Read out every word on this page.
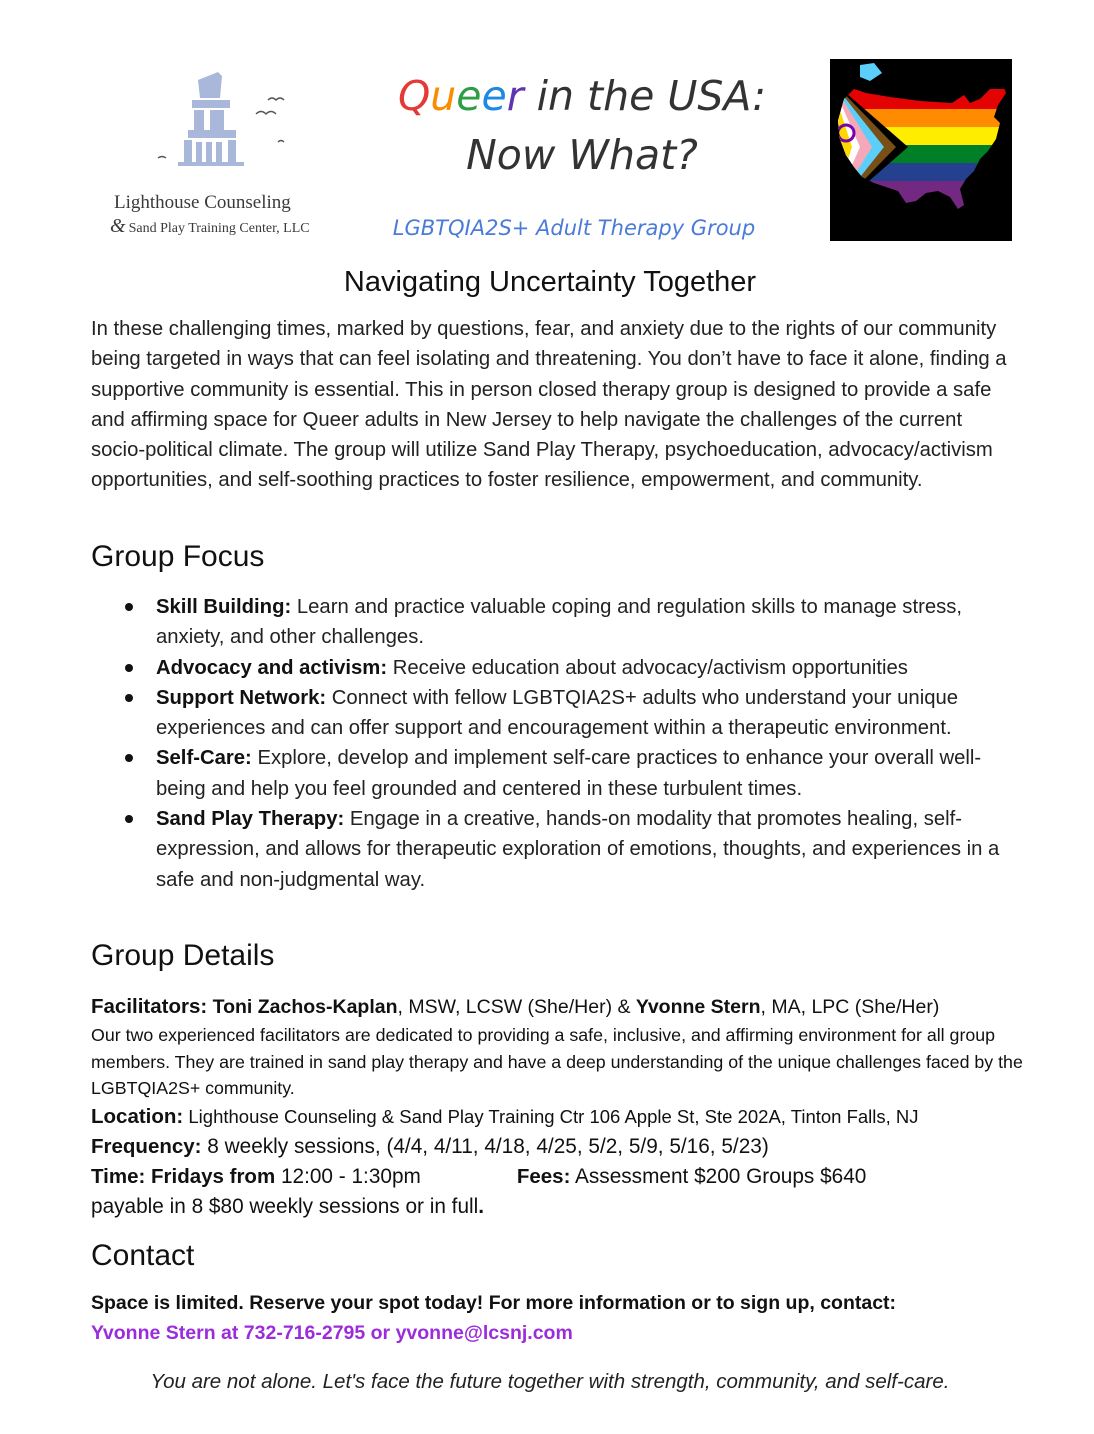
Lighthouse Counseling
& Sand Play Training Center, LLC
Queer in the USA:
Now What?
LGBTQIA2S+ Adult Therapy Group
Navigating Uncertainty Together
In these challenging times, marked by questions, fear, and anxiety due to the rights of our community being targeted in ways that can feel isolating and threatening. You don’t have to face it alone, finding a supportive community is essential. This in person closed therapy group is designed to provide a safe and affirming space for Queer adults in New Jersey to help navigate the challenges of the current socio-political climate. The group will utilize Sand Play Therapy, psychoeducation, advocacy/activism opportunities, and self-soothing practices to foster resilience, empowerment, and community.
Group Focus
Skill Building: Learn and practice valuable coping and regulation skills to manage stress, anxiety, and other challenges.
Advocacy and activism: Receive education about advocacy/activism opportunities
Support Network: Connect with fellow LGBTQIA2S+ adults who understand your unique experiences and can offer support and encouragement within a therapeutic environment.
Self-Care: Explore, develop and implement self-care practices to enhance your overall well-being and help you feel grounded and centered in these turbulent times.
Sand Play Therapy: Engage in a creative, hands-on modality that promotes healing, self-expression, and allows for therapeutic exploration of emotions, thoughts, and experiences in a safe and non-judgmental way.
Group Details
Facilitators: Toni Zachos-Kaplan, MSW, LCSW (She/Her) & Yvonne Stern, MA, LPC (She/Her)
Our two experienced facilitators are dedicated to providing a safe, inclusive, and affirming environment for all group members. They are trained in sand play therapy and have a deep understanding of the unique challenges faced by the LGBTQIA2S+ community.
Location: Lighthouse Counseling & Sand Play Training Ctr 106 Apple St, Ste 202A, Tinton Falls, NJ
Frequency: 8 weekly sessions, (4/4, 4/11, 4/18, 4/25, 5/2, 5/9, 5/16, 5/23)
Time: Fridays from 12:00 - 1:30pm	Fees: Assessment $200 Groups $640
payable in 8 $80 weekly sessions or in full.
Contact
Space is limited. Reserve your spot today! For more information or to sign up, contact:
Yvonne Stern at 732-716-2795 or yvonne@lcsnj.com
You are not alone. Let's face the future together with strength, community, and self-care.
